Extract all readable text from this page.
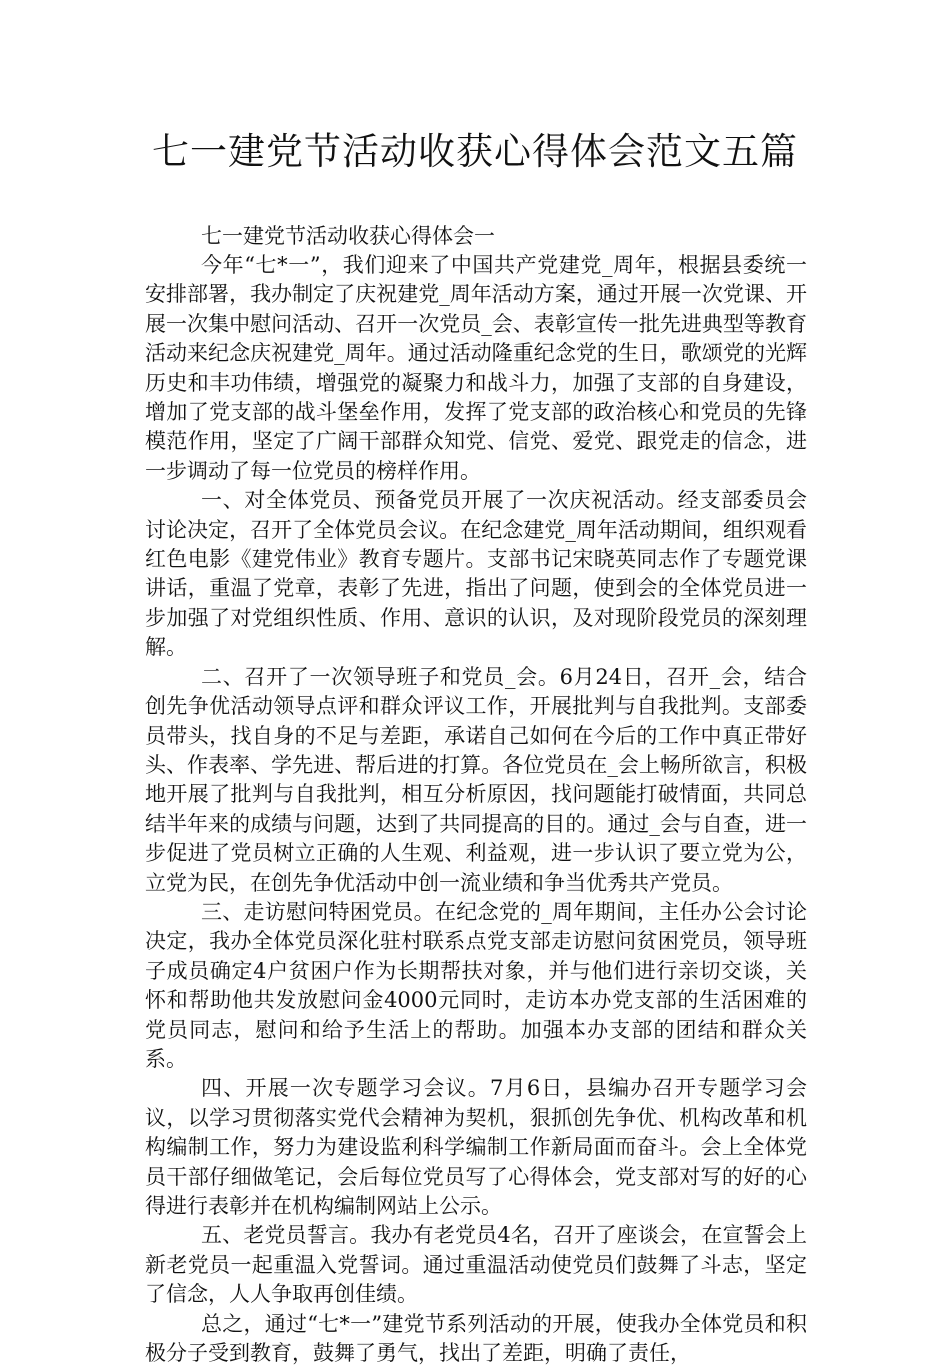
七一建党节活动收获心得体会范文五篇

七一建党节活动收获心得体会一

今年“七*一”，我们迎来了中国共产党建党_周年，根据县委统一安排部署，我办制定了庆祝建党_周年活动方案，通过开展一次党课、开展一次集中慰问活动、召开一次党员_会、表彰宣传一批先进典型等教育活动来纪念庆祝建党_周年。通过活动隆重纪念党的生日，歌颂党的光辉历史和丰功伟绩，增强党的凝聚力和战斗力，加强了支部的自身建设，增加了党支部的战斗堡垒作用，发挥了党支部的政治核心和党员的先锋模范作用，坚定了广阔干部群众知党、信党、爱党、跟党走的信念，进一步调动了每一位党员的榜样作用。

一、对全体党员、预备党员开展了一次庆祝活动。经支部委员会讨论决定，召开了全体党员会议。在纪念建党_周年活动期间，组织观看红色电影《建党伟业》教育专题片。支部书记宋晓英同志作了专题党课讲话，重温了党章，表彰了先进，指出了问题，使到会的全体党员进一步加强了对党组织性质、作用、意识的认识，及对现阶段党员的深刻理解。

二、召开了一次领导班子和党员_会。6月24日，召开_会，结合创先争优活动领导点评和群众评议工作，开展批判与自我批判。支部委员带头，找自身的不足与差距，承诺自己如何在今后的工作中真正带好头、作表率、学先进、帮后进的打算。各位党员在_会上畅所欲言，积极地开展了批判与自我批判，相互分析原因，找问题能打破情面，共同总结半年来的成绩与问题，达到了共同提高的目的。通过_会与自查，进一步促进了党员树立正确的人生观、利益观，进一步认识了要立党为公，立党为民，在创先争优活动中创一流业绩和争当优秀共产党员。

三、走访慰问特困党员。在纪念党的_周年期间，主任办公会讨论决定，我办全体党员深化驻村联系点党支部走访慰问贫困党员，领导班子成员确定4户贫困户作为长期帮扶对象，并与他们进行亲切交谈，关怀和帮助他共发放慰问金4000元同时，走访本办党支部的生活困难的党员同志，慰问和给予生活上的帮助。加强本办支部的团结和群众关系。

四、开展一次专题学习会议。7月6日，县编办召开专题学习会议，以学习贯彻落实党代会精神为契机，狠抓创先争优、机构改革和机构编制工作，努力为建设监利科学编制工作新局面而奋斗。会上全体党员干部仔细做笔记，会后每位党员写了心得体会，党支部对写的好的心得进行表彰并在机构编制网站上公示。

五、老党员誓言。我办有老党员4名，召开了座谈会，在宣誓会上新老党员一起重温入党誓词。通过重温活动使党员们鼓舞了斗志，坚定了信念，人人争取再创佳绩。

总之，通过“七*一”建党节系列活动的开展，使我办全体党员和积极分子受到教育，鼓舞了勇气，找出了差距，明确了责任，
